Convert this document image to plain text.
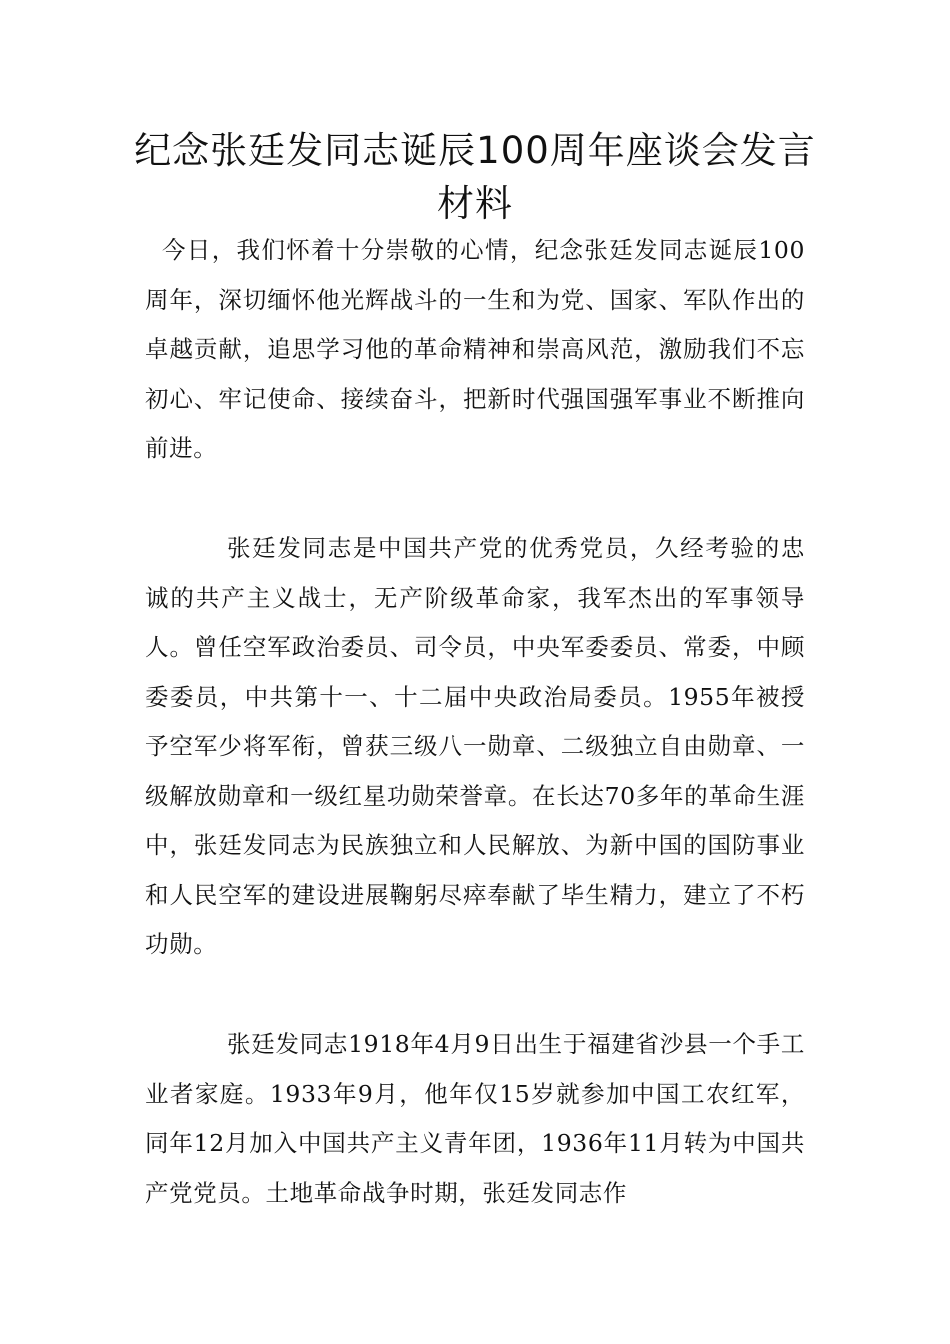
纪念张廷发同志诞辰100周年座谈会发言材料

今日，我们怀着十分崇敬的心情，纪念张廷发同志诞辰100周年，深切缅怀他光辉战斗的一生和为党、国家、军队作出的卓越贡献，追思学习他的革命精神和崇高风范，激励我们不忘初心、牢记使命、接续奋斗，把新时代强国强军事业不断推向前进。

张廷发同志是中国共产党的优秀党员，久经考验的忠诚的共产主义战士，无产阶级革命家，我军杰出的军事领导人。曾任空军政治委员、司令员，中央军委委员、常委，中顾委委员，中共第十一、十二届中央政治局委员。1955年被授予空军少将军衔，曾获三级八一勋章、二级独立自由勋章、一级解放勋章和一级红星功勋荣誉章。在长达70多年的革命生涯中，张廷发同志为民族独立和人民解放、为新中国的国防事业和人民空军的建设进展鞠躬尽瘁奉献了毕生精力，建立了不朽功勋。

张廷发同志1918年4月9日出生于福建省沙县一个手工业者家庭。1933年9月，他年仅15岁就参加中国工农红军，同年12月加入中国共产主义青年团，1936年11月转为中国共产党党员。土地革命战争时期，张廷发同志作
